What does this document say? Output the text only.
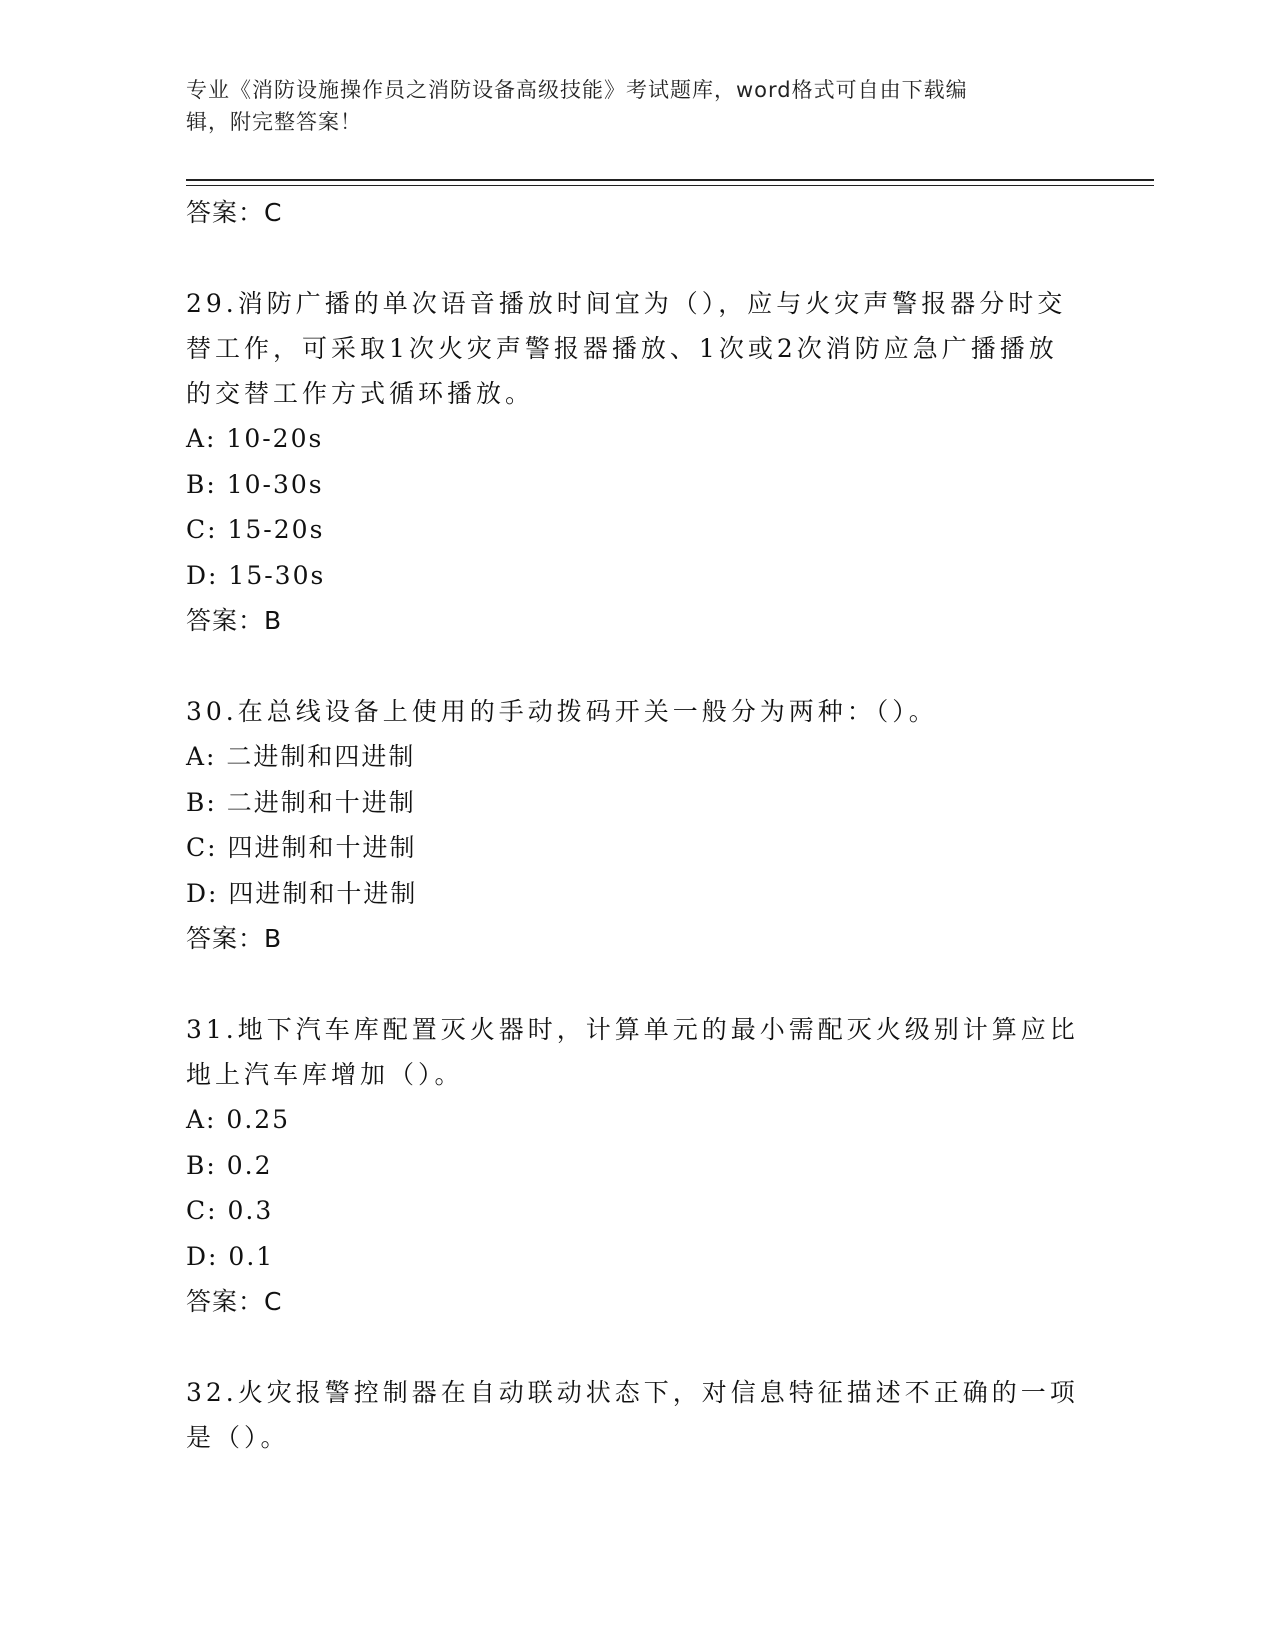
专业《消防设施操作员之消防设备高级技能》考试题库，word格式可自由下载编
辑，附完整答案！
答案：C
29.消防广播的单次语音播放时间宜为（），应与火灾声警报器分时交
替工作，可采取1次火灾声警报器播放、1次或2次消防应急广播播放
的交替工作方式循环播放。
A: 10-20s
B: 10-30s
C: 15-20s
D: 15-30s
答案：B
30.在总线设备上使用的手动拨码开关一般分为两种：（）。
A: 二进制和四进制
B: 二进制和十进制
C: 四进制和十进制
D: 四进制和十进制
答案：B
31.地下汽车库配置灭火器时，计算单元的最小需配灭火级别计算应比
地上汽车库增加（）。
A: 0.25
B: 0.2
C: 0.3
D: 0.1
答案：C
32.火灾报警控制器在自动联动状态下，对信息特征描述不正确的一项
是（）。
